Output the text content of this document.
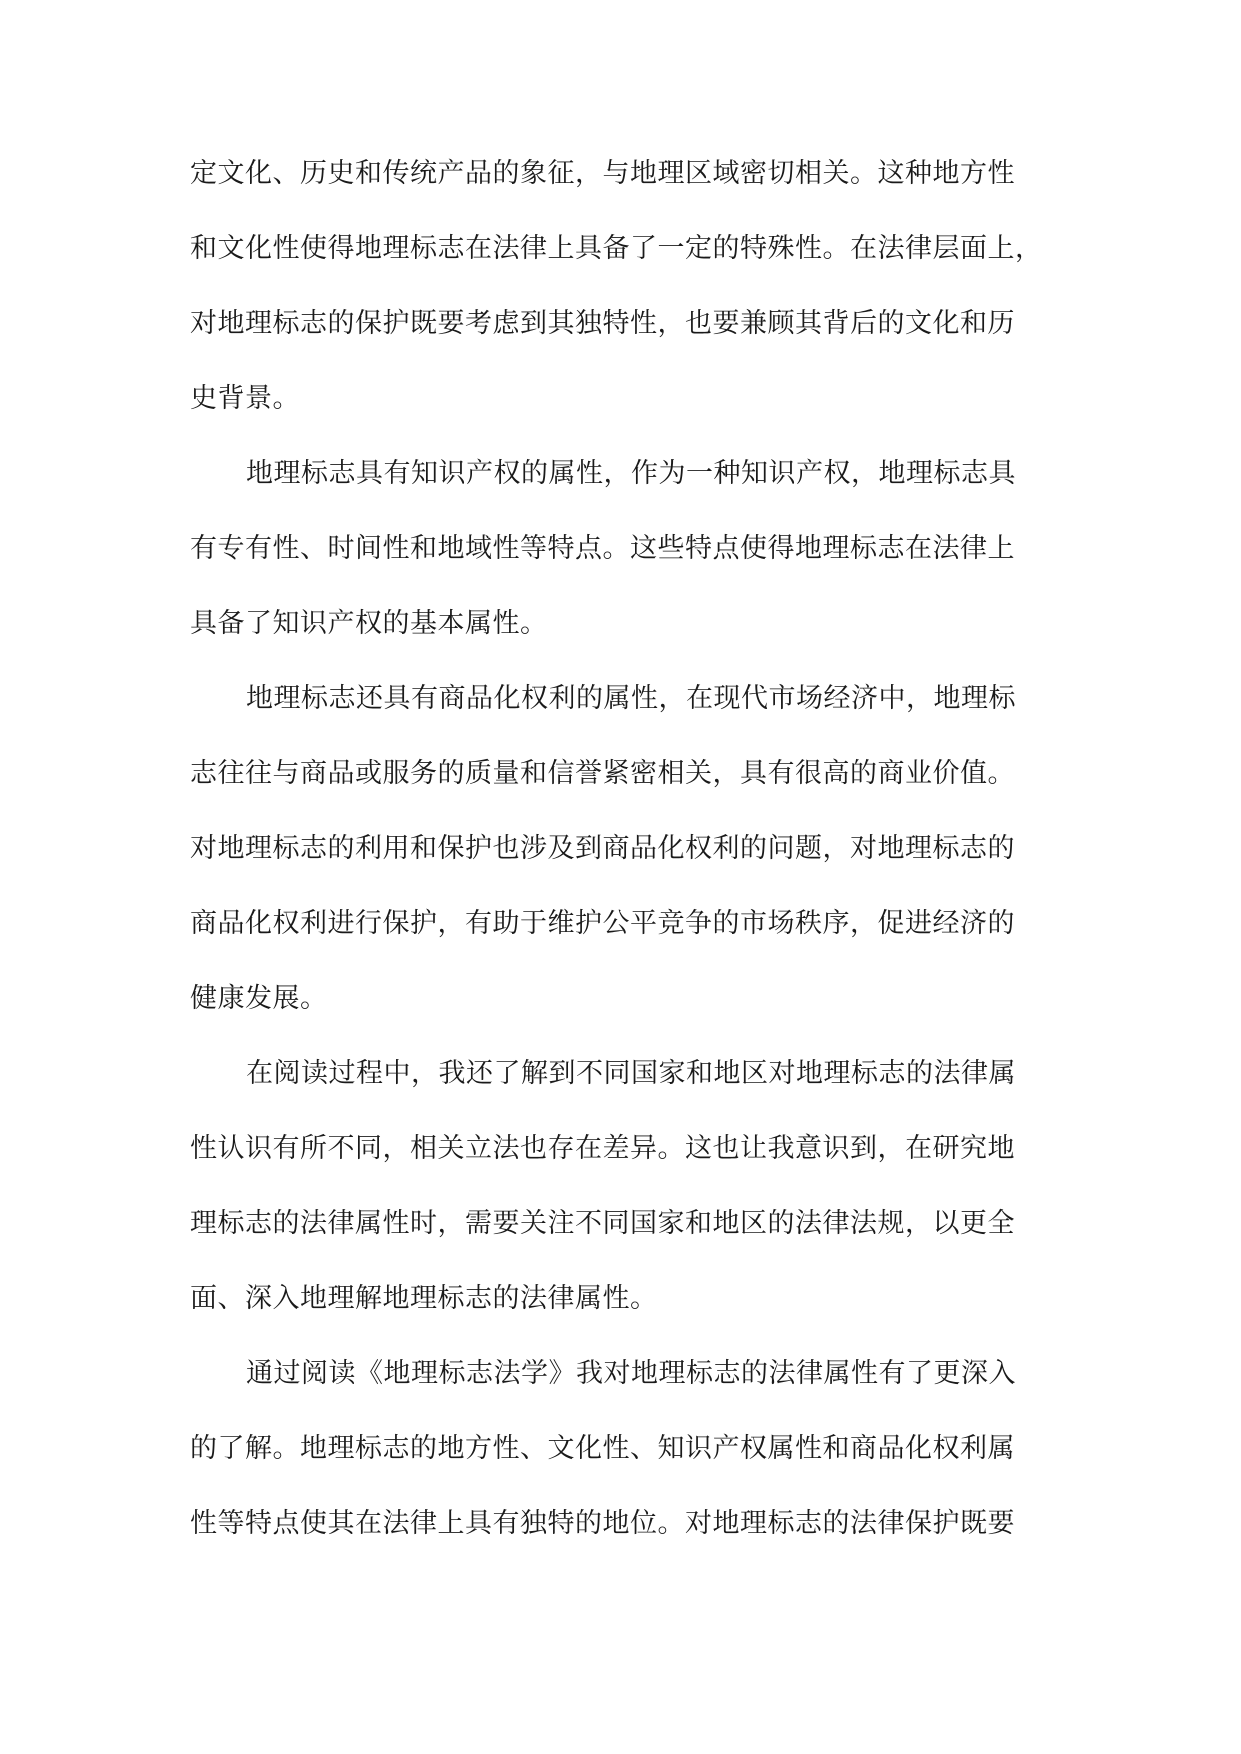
定文化、历史和传统产品的象征，与地理区域密切相关。这种地方性
和文化性使得地理标志在法律上具备了一定的特殊性。在法律层面上，
对地理标志的保护既要考虑到其独特性，也要兼顾其背后的文化和历
史背景。
地理标志具有知识产权的属性，作为一种知识产权，地理标志具
有专有性、时间性和地域性等特点。这些特点使得地理标志在法律上
具备了知识产权的基本属性。
地理标志还具有商品化权利的属性，在现代市场经济中，地理标
志往往与商品或服务的质量和信誉紧密相关，具有很高的商业价值。
对地理标志的利用和保护也涉及到商品化权利的问题，对地理标志的
商品化权利进行保护，有助于维护公平竞争的市场秩序，促进经济的
健康发展。
在阅读过程中，我还了解到不同国家和地区对地理标志的法律属
性认识有所不同，相关立法也存在差异。这也让我意识到，在研究地
理标志的法律属性时，需要关注不同国家和地区的法律法规，以更全
面、深入地理解地理标志的法律属性。
通过阅读《地理标志法学》我对地理标志的法律属性有了更深入
的了解。地理标志的地方性、文化性、知识产权属性和商品化权利属
性等特点使其在法律上具有独特的地位。对地理标志的法律保护既要
